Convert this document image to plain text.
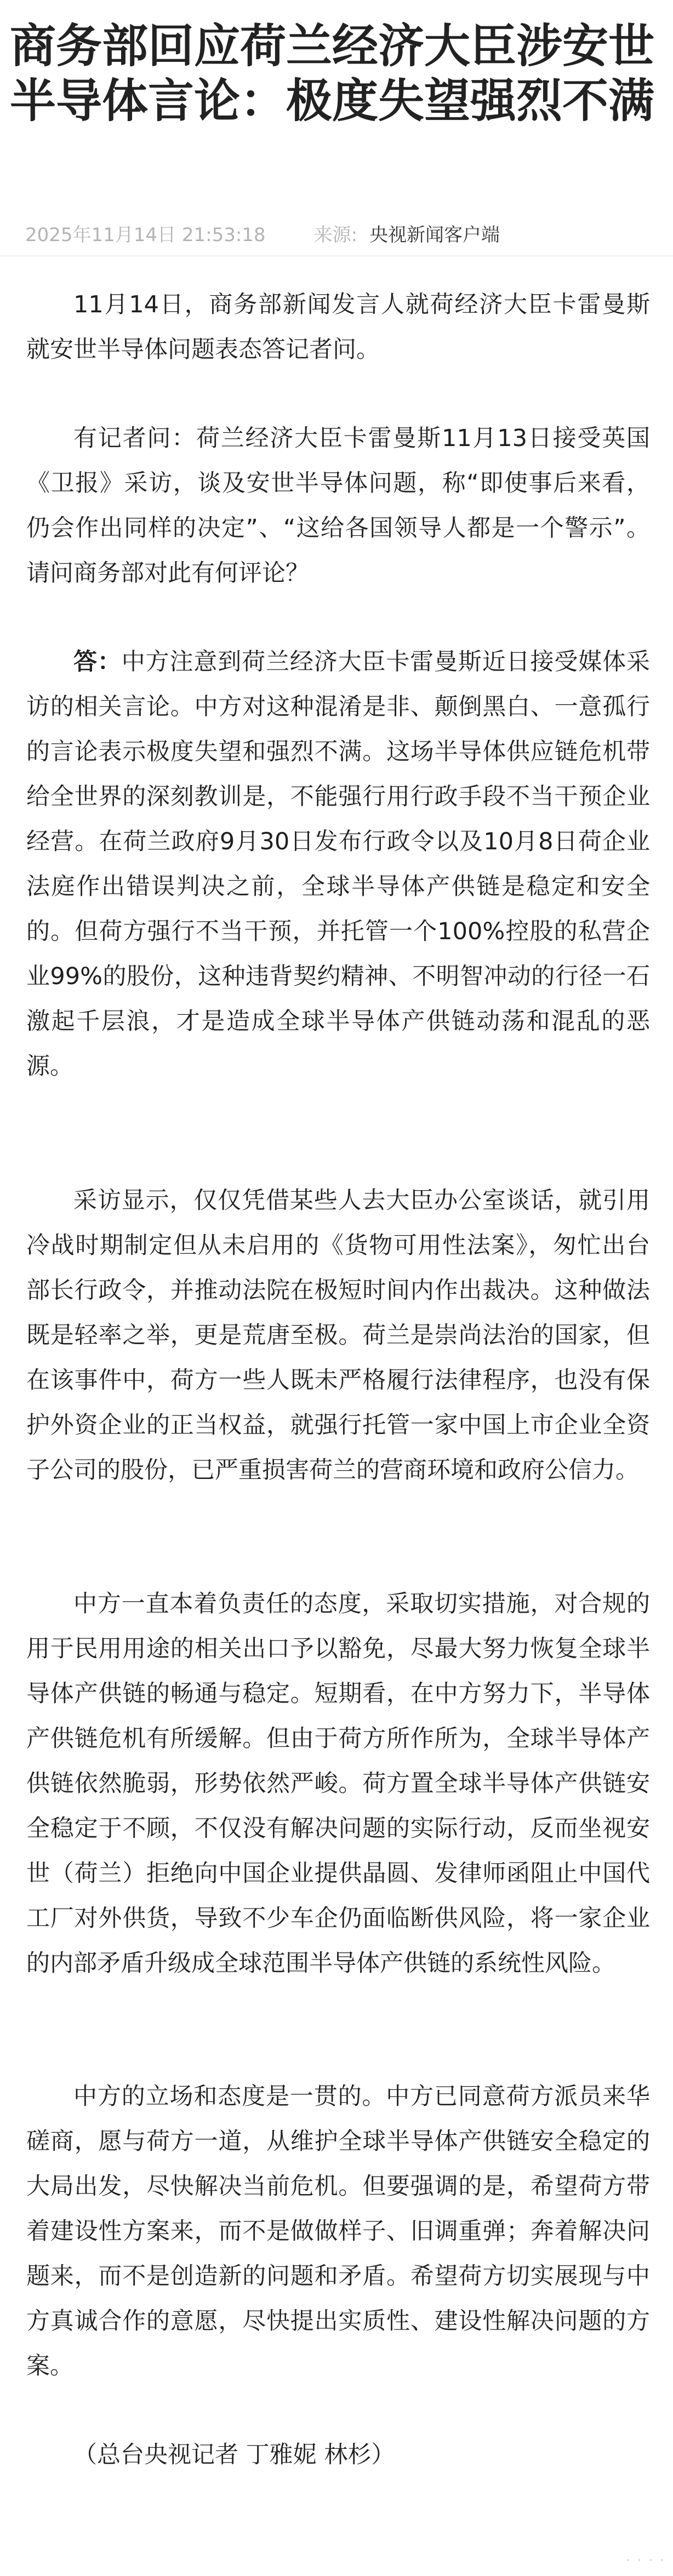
商务部回应荷兰经济大臣涉安世半导体言论：极度失望强烈不满
2025年11月14日 21:53:18	来源: 央视新闻客户端

11月14日，商务部新闻发言人就荷经济大臣卡雷曼斯就安世半导体问题表态答记者问。

有记者问：荷兰经济大臣卡雷曼斯11月13日接受英国《卫报》采访，谈及安世半导体问题，称“即使事后来看，仍会作出同样的决定”、“这给各国领导人都是一个警示”。请问商务部对此有何评论？

答：中方注意到荷兰经济大臣卡雷曼斯近日接受媒体采访的相关言论。中方对这种混淆是非、颠倒黑白、一意孤行的言论表示极度失望和强烈不满。这场半导体供应链危机带给全世界的深刻教训是，不能强行用行政手段不当干预企业经营。在荷兰政府9月30日发布行政令以及10月8日荷企业法庭作出错误判决之前，全球半导体产供链是稳定和安全的。但荷方强行不当干预，并托管一个100%控股的私营企业99%的股份，这种违背契约精神、不明智冲动的行径一石激起千层浪，才是造成全球半导体产供链动荡和混乱的恶源。

采访显示，仅仅凭借某些人去大臣办公室谈话，就引用冷战时期制定但从未启用的《货物可用性法案》，匆忙出台部长行政令，并推动法院在极短时间内作出裁决。这种做法既是轻率之举，更是荒唐至极。荷兰是崇尚法治的国家，但在该事件中，荷方一些人既未严格履行法律程序，也没有保护外资企业的正当权益，就强行托管一家中国上市企业全资子公司的股份，已严重损害荷兰的营商环境和政府公信力。

中方一直本着负责任的态度，采取切实措施，对合规的用于民用用途的相关出口予以豁免，尽最大努力恢复全球半导体产供链的畅通与稳定。短期看，在中方努力下，半导体产供链危机有所缓解。但由于荷方所作所为，全球半导体产供链依然脆弱，形势依然严峻。荷方置全球半导体产供链安全稳定于不顾，不仅没有解决问题的实际行动，反而坐视安世（荷兰）拒绝向中国企业提供晶圆、发律师函阻止中国代工厂对外供货，导致不少车企仍面临断供风险，将一家企业的内部矛盾升级成全球范围半导体产供链的系统性风险。

中方的立场和态度是一贯的。中方已同意荷方派员来华磋商，愿与荷方一道，从维护全球半导体产供链安全稳定的大局出发，尽快解决当前危机。但要强调的是，希望荷方带着建设性方案来，而不是做做样子、旧调重弹；奔着解决问题来，而不是创造新的问题和矛盾。希望荷方切实展现与中方真诚合作的意愿，尽快提出实质性、建设性解决问题的方案。

（总台央视记者 丁雅妮 林杉）

· · · ·
